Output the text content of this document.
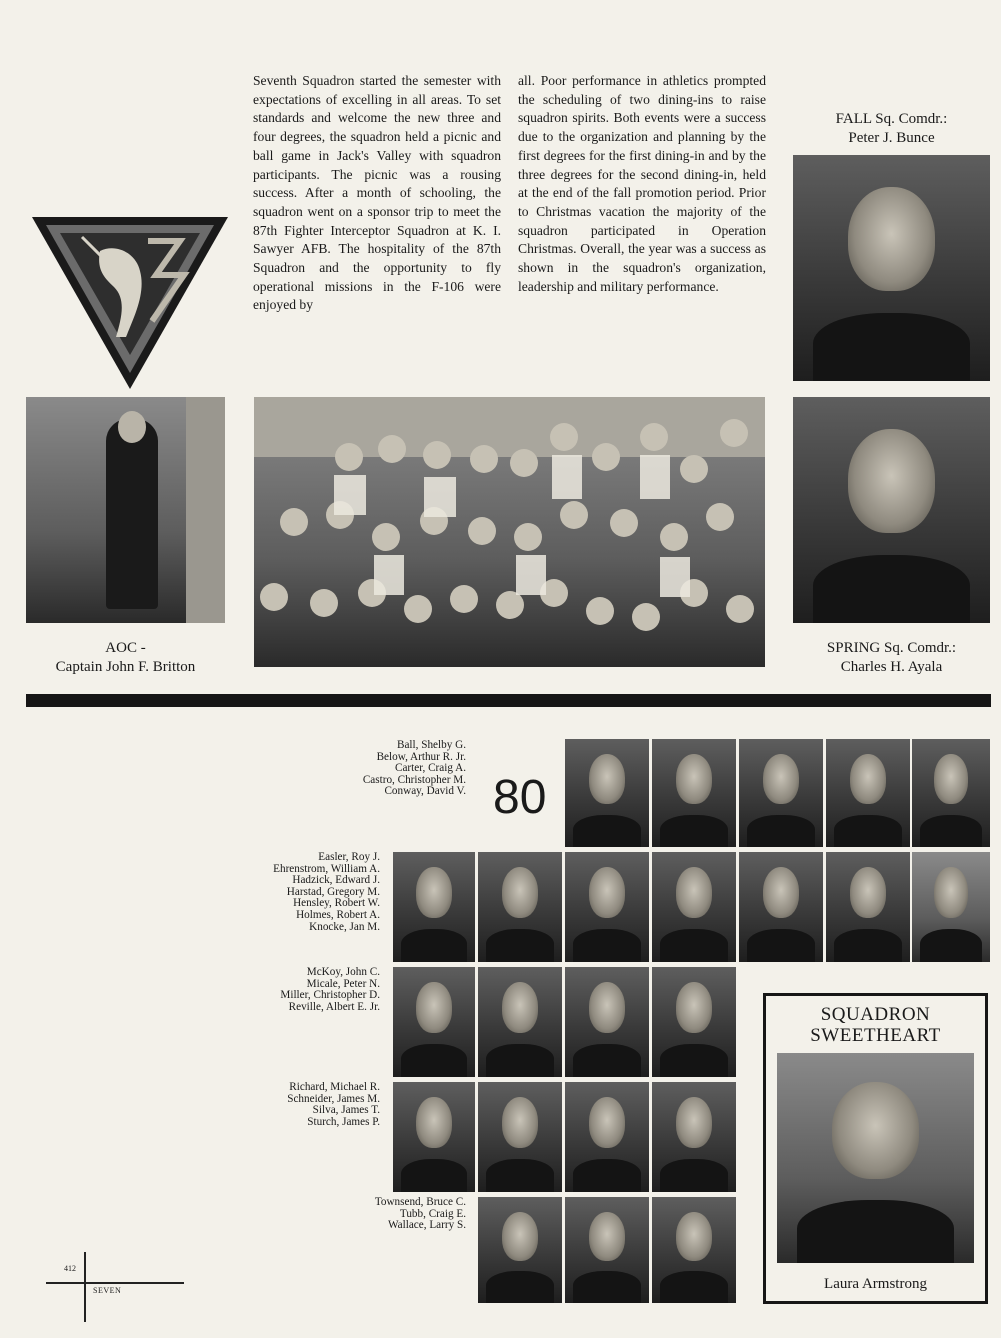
Seventh Squadron started the semester with expectations of excelling in all areas. To set standards and welcome the new three and four degrees, the squadron held a picnic and ball game in Jack's Valley with squadron participants. The picnic was a rousing success. After a month of schooling, the squadron went on a sponsor trip to meet the 87th Fighter Interceptor Squadron at K. I. Sawyer AFB. The hospitality of the 87th Squadron and the opportunity to fly operational missions in the F-106 were enjoyed by
all. Poor performance in athletics prompted the scheduling of two dining-ins to raise squadron spirits. Both events were a success due to the organization and planning by the first degrees for the first dining-in and by the three degrees for the second dining-in, held at the end of the fall promotion period. Prior to Christmas vacation the majority of the squadron participated in Operation Christmas. Overall, the year was a success as shown in the squadron's organization, leadership and military performance.
FALL Sq. Comdr.:
Peter J. Bunce
AOC -
Captain John F. Britton
SPRING Sq. Comdr.:
Charles H. Ayala
Ball, Shelby G.
Below, Arthur R. Jr.
Carter, Craig A.
Castro, Christopher M.
Conway, David V. 80
Easler, Roy J.
Ehrenstrom, William A.
Hadzick, Edward J.
Harstad, Gregory M.
Hensley, Robert W.
Holmes, Robert A.
Knocke, Jan M.
McKoy, John C.
Micale, Peter N.
Miller, Christopher D.
Reville, Albert E. Jr.
Richard, Michael R.
Schneider, James M.
Silva, James T.
Sturch, James P.
Townsend, Bruce C.
Tubb, Craig E.
Wallace, Larry S.
SQUADRON
SWEETHEART
Laura Armstrong
412
SEVEN
